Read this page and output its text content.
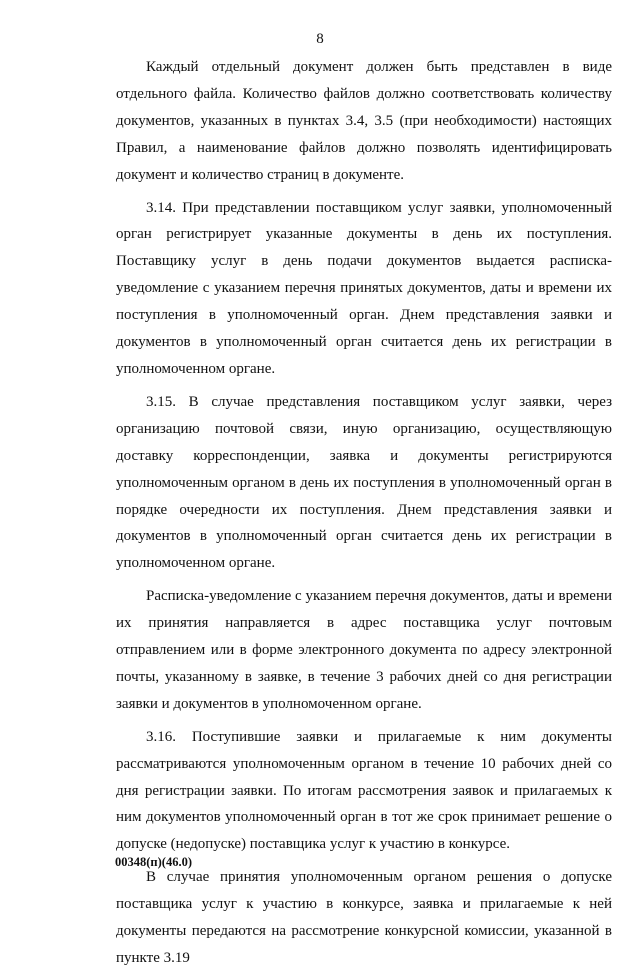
8

Каждый отдельный документ должен быть представлен в виде отдельного файла. Количество файлов должно соответствовать количеству документов, указанных в пунктах 3.4, 3.5 (при необходимости) настоящих Правил, а наименование файлов должно позволять идентифицировать документ и количество страниц в документе.

3.14. При представлении поставщиком услуг заявки, уполномоченный орган регистрирует указанные документы в день их поступления. Поставщику услуг в день подачи документов выдается расписка-уведомление с указанием перечня принятых документов, даты и времени их поступления в уполномоченный орган. Днем представления заявки и документов в уполномоченный орган считается день их регистрации в уполномоченном органе.

3.15. В случае представления поставщиком услуг заявки, через организацию почтовой связи, иную организацию, осуществляющую доставку корреспонденции, заявка и документы регистрируются уполномоченным органом в день их поступления в уполномоченный орган в порядке очередности их поступления. Днем представления заявки и документов в уполномоченный орган считается день их регистрации в уполномоченном органе.

Расписка-уведомление с указанием перечня документов, даты и времени их принятия направляется в адрес поставщика услуг почтовым отправлением или в форме электронного документа по адресу электронной почты, указанному в заявке, в течение 3 рабочих дней со дня регистрации заявки и документов в уполномоченном органе.

3.16. Поступившие заявки и прилагаемые к ним документы рассматриваются уполномоченным органом в течение 10 рабочих дней со дня регистрации заявки. По итогам рассмотрения заявок и прилагаемых к ним документов уполномоченный орган в тот же срок принимает решение о допуске (недопуске) поставщика услуг к участию в конкурсе.

В случае принятия уполномоченным органом решения о допуске поставщика услуг к участию в конкурсе, заявка и прилагаемые к ней документы передаются на рассмотрение конкурсной комиссии, указанной в пункте 3.19

00348(п)(46.0)
